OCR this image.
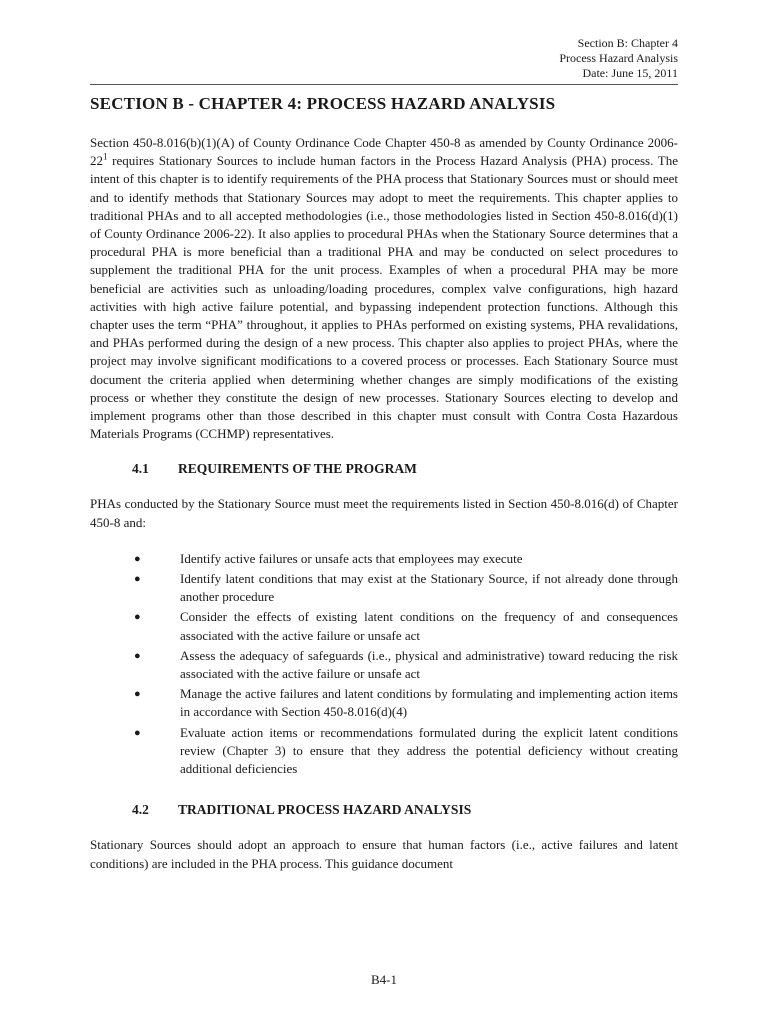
Section B: Chapter 4
Process Hazard Analysis
Date: June 15, 2011
SECTION B - CHAPTER 4: PROCESS HAZARD ANALYSIS

Section 450-8.016(b)(1)(A) of County Ordinance Code Chapter 450-8 as amended by County Ordinance $2006-22^1$ requires Stationary Sources to include human factors in the Process Hazard Analysis (PHA) process. The intent of this chapter is to identify requirements of the PHA process that Stationary Sources must or should meet and to identify methods that Stationary Sources may adopt to meet the requirements. This chapter applies to traditional PHAs and to all accepted methodologies (i.e., those methodologies listed in Section 450-8.016(d)(1) of County Ordinance 2006-22). It also applies to procedural PHAs when the Stationary Source determines that a procedural PHA is more beneficial than a traditional PHA and may be conducted on select procedures to supplement the traditional PHA for the unit process. Examples of when a procedural PHA may be more beneficial are activities such as unloading/loading procedures, complex valve configurations, high hazard activities with high active failure potential, and bypassing independent protection functions. Although this chapter uses the term “PHA” throughout, it applies to PHAs performed on existing systems, PHA revalidations, and PHAs performed during the design of a new process. This chapter also applies to project PHAs, where the project may involve significant modifications to a covered process or processes. Each Stationary Source must document the criteria applied when determining whether changes are simply modifications of the existing process or whether they constitute the design of new processes. Stationary Sources electing to develop and implement programs other than those described in this chapter must consult with Contra Costa Hazardous Materials Programs (CCHMP) representatives.

4.1	REQUIREMENTS OF THE PROGRAM

PHAs conducted by the Stationary Source must meet the requirements listed in Section 450-8.016(d) of Chapter 450-8 and:

●	Identify active failures or unsafe acts that employees may execute
●	Identify latent conditions that may exist at the Stationary Source, if not already done through another procedure
●	Consider the effects of existing latent conditions on the frequency of and consequences associated with the active failure or unsafe act
●	Assess the adequacy of safeguards (i.e., physical and administrative) toward reducing the risk associated with the active failure or unsafe act
●	Manage the active failures and latent conditions by formulating and implementing action items in accordance with Section 450-8.016(d)(4)
●	Evaluate action items or recommendations formulated during the explicit latent conditions review (Chapter 3) to ensure that they address the potential deficiency without creating additional deficiencies
4.2	TRADITIONAL PROCESS HAZARD ANALYSIS

Stationary Sources should adopt an approach to ensure that human factors (i.e., active failures and latent conditions) are included in the PHA process. This guidance document

B4-1
